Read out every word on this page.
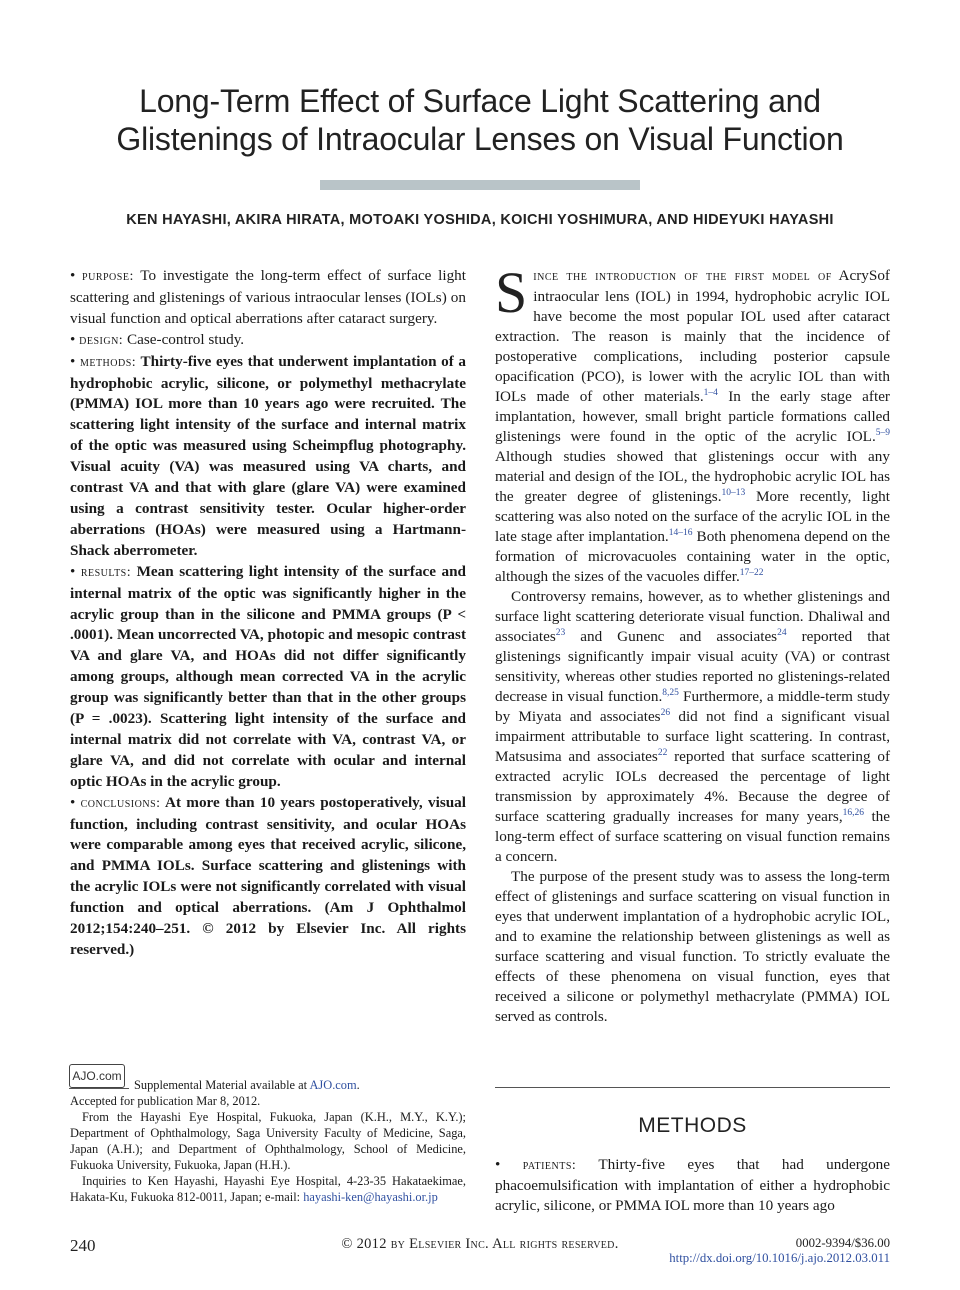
Long-Term Effect of Surface Light Scattering and
Glistenings of Intraocular Lenses on Visual Function
KEN HAYASHI, AKIRA HIRATA, MOTOAKI YOSHIDA, KOICHI YOSHIMURA, AND HIDEYUKI HAYASHI

• purpose: To investigate the long-term effect of surface light scattering and glistenings of various intraocular lenses (IOLs) on visual function and optical aberrations after cataract surgery.

• design: Case-control study.

• methods: Thirty-five eyes that underwent implantation of a hydrophobic acrylic, silicone, or polymethyl methacrylate (PMMA) IOL more than 10 years ago were recruited. The scattering light intensity of the surface and internal matrix of the optic was measured using Scheimpflug photography. Visual acuity (VA) was measured using VA charts, and contrast VA and that with glare (glare VA) were examined using a contrast sensitivity tester. Ocular higher-order aberrations (HOAs) were measured using a Hartmann-Shack aberrometer.

• results: Mean scattering light intensity of the surface and internal matrix of the optic was significantly higher in the acrylic group than in the silicone and PMMA groups (P < .0001). Mean uncorrected VA, photopic and mesopic contrast VA and glare VA, and HOAs did not differ significantly among groups, although mean corrected VA in the acrylic group was significantly better than that in the other groups (P = .0023). Scattering light intensity of the surface and internal matrix did not correlate with VA, contrast VA, or glare VA, and did not correlate with ocular and internal optic HOAs in the acrylic group.

• conclusions: At more than 10 years postoperatively, visual function, including contrast sensitivity, and ocular HOAs were comparable among eyes that received acrylic, silicone, and PMMA IOLs. Surface scattering and glistenings with the acrylic IOLs were not significantly correlated with visual function and optical aberrations. (Am J Ophthalmol 2012;154:240–251. © 2012 by Elsevier Inc. All rights reserved.)

Since the introduction of the first model of AcrySof intraocular lens (IOL) in 1994, hydrophobic acrylic IOL have become the most popular IOL used after cataract extraction. The reason is mainly that the incidence of postoperative complications, including posterior capsule opacification (PCO), is lower with the acrylic IOL than with IOLs made of other materials.$^{1-4}$ In the early stage after implantation, however, small bright particle formations called glistenings were found in the optic of the acrylic IOL.$^{5-9}$ Although studies showed that glistenings occur with any material and design of the IOL, the hydrophobic acrylic IOL has the greater degree of glistenings.$^{10-13}$ More recently, light scattering was also noted on the surface of the acrylic IOL in the late stage after implantation.$^{14-16}$ Both phenomena depend on the formation of microvacuoles containing water in the optic, although the sizes of the vacuoles differ.$^{17-22}$

Controversy remains, however, as to whether glistenings and surface light scattering deteriorate visual function. Dhaliwal and associates$^{23}$ and Gunenc and associates$^{24}$ reported that glistenings significantly impair visual acuity (VA) or contrast sensitivity, whereas other studies reported no glistenings-related decrease in visual function.$^{8,25}$ Furthermore, a middle-term study by Miyata and associates$^{26}$ did not find a significant visual impairment attributable to surface light scattering. In contrast, Matsusima and associates$^{22}$ reported that surface scattering of extracted acrylic IOLs decreased the percentage of light transmission by approximately 4%. Because the degree of surface scattering gradually increases for many years,$^{16,26}$ the long-term effect of surface scattering on visual function remains a concern.

The purpose of the present study was to assess the long-term effect of glistenings and surface scattering on visual function in eyes that underwent implantation of a hydrophobic acrylic IOL, and to examine the relationship between glistenings as well as surface scattering and visual function. To strictly evaluate the effects of these phenomena on visual function, eyes that received a silicone or polymethyl methacrylate (PMMA) IOL served as controls.

METHODS

• patients: Thirty-five eyes that had undergone phacoemulsification with implantation of either a hydrophobic acrylic, silicone, or PMMA IOL more than 10 years ago

AJO.com

Supplemental Material available at AJO.com.

Accepted for publication Mar 8, 2012.

From the Hayashi Eye Hospital, Fukuoka, Japan (K.H., M.Y., K.Y.); Department of Ophthalmology, Saga University Faculty of Medicine, Saga, Japan (A.H.); and Department of Ophthalmology, School of Medicine, Fukuoka University, Fukuoka, Japan (H.H.).

Inquiries to Ken Hayashi, Hayashi Eye Hospital, 4-23-35 Hakataekimae, Hakata-Ku, Fukuoka 812-0011, Japan; e-mail: hayashi-ken@hayashi.or.jp

240	© 2012 by Elsevier Inc. All rights reserved.	0002-9394/$36.00
http://dx.doi.org/10.1016/j.ajo.2012.03.011
